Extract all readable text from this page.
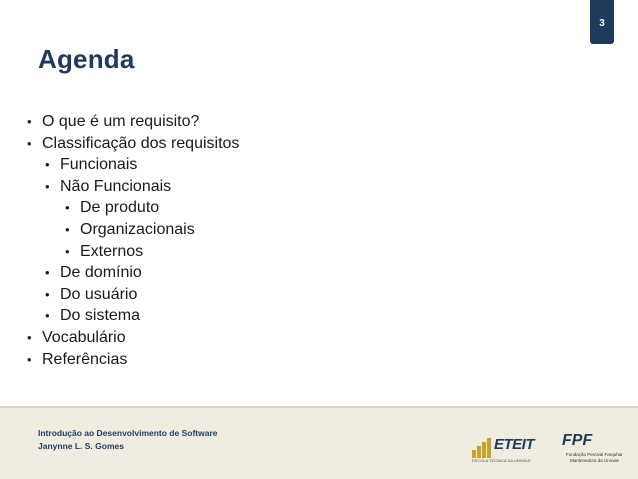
3
Agenda
• O que é um requisito?
• Classificação dos requisitos
• Funcionais
• Não Funcionais
• De produto
• Organizacionais
• Externos
• De domínio
• Do usuário
• Do sistema
• Vocabulário
• Referências
Introdução ao Desenvolvimento de Software
Janynne L. S. Gomes	ETEIT
ESCOLA TÉCNICA DA UNIVALE
FPF
Fundação Percival Farquhar
Mantenedora da Univale
